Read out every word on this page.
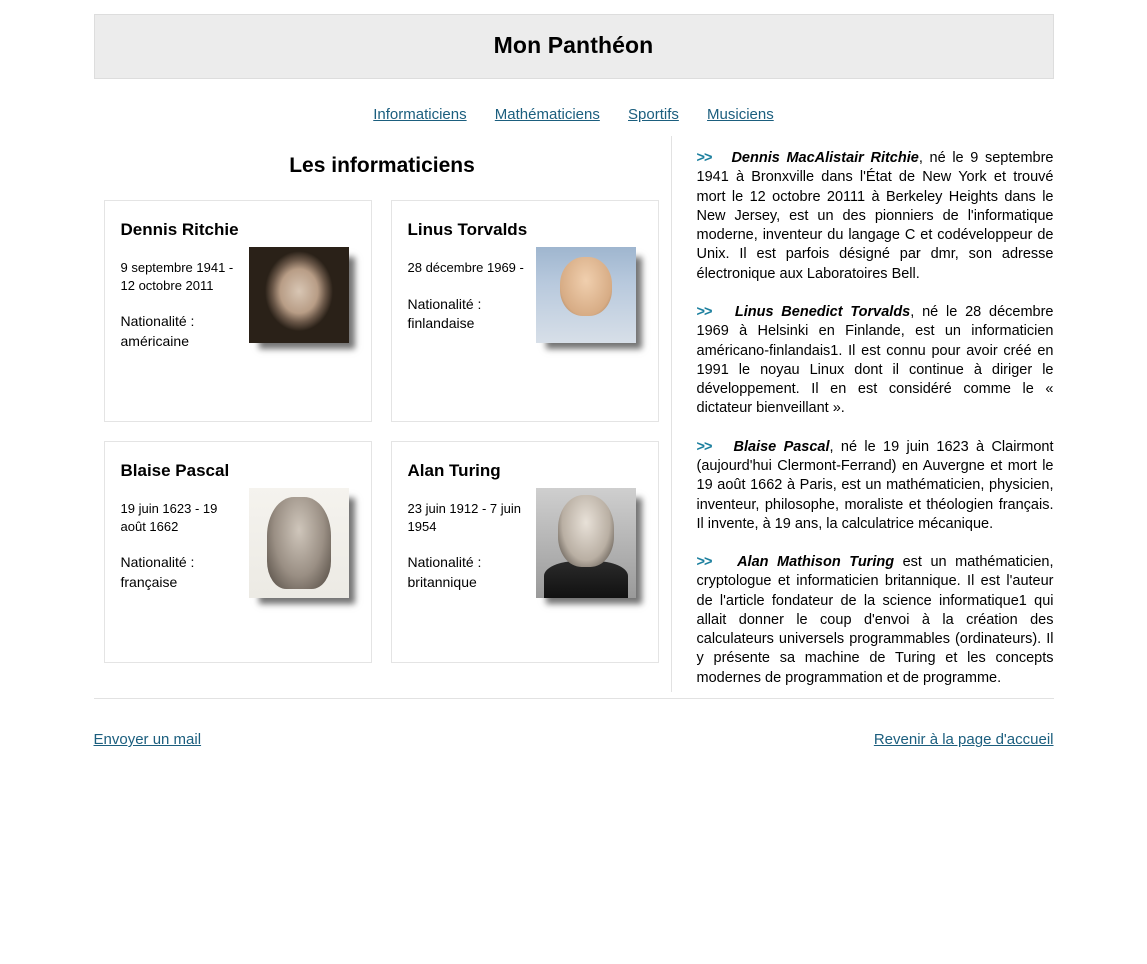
Mon Panthéon
Informaticiens Mathématiciens Sportifs Musiciens
Les informaticiens
Dennis Ritchie

9 septembre 1941 - 12 octobre 2011

Nationalité : américaine

Linus Torvalds

28 décembre 1969 -

Nationalité : finlandaise

Blaise Pascal

19 juin 1623 - 19 août 1662

Nationalité : française

Alan Turing

23 juin 1912 - 7 juin 1954

Nationalité : britannique

>> Dennis MacAlistair Ritchie, né le 9 septembre 1941 à Bronxville dans l'État de New York et trouvé mort le 12 octobre 20111 à Berkeley Heights dans le New Jersey, est un des pionniers de l'informatique moderne, inventeur du langage C et codéveloppeur de Unix. Il est parfois désigné par dmr, son adresse électronique aux Laboratoires Bell.

>> Linus Benedict Torvalds, né le 28 décembre 1969 à Helsinki en Finlande, est un informaticien américano-finlandais1. Il est connu pour avoir créé en 1991 le noyau Linux dont il continue à diriger le développement. Il en est considéré comme le « dictateur bienveillant ».

>> Blaise Pascal, né le 19 juin 1623 à Clairmont (aujourd'hui Clermont-Ferrand) en Auvergne et mort le 19 août 1662 à Paris, est un mathématicien, physicien, inventeur, philosophe, moraliste et théologien français. Il invente, à 19 ans, la calculatrice mécanique.

>> Alan Mathison Turing est un mathématicien, cryptologue et informaticien britannique. Il est l'auteur de l'article fondateur de la science informatique1 qui allait donner le coup d'envoi à la création des calculateurs universels programmables (ordinateurs). Il y présente sa machine de Turing et les concepts modernes de programmation et de programme.

Envoyer un mail	Revenir à la page d'accueil
